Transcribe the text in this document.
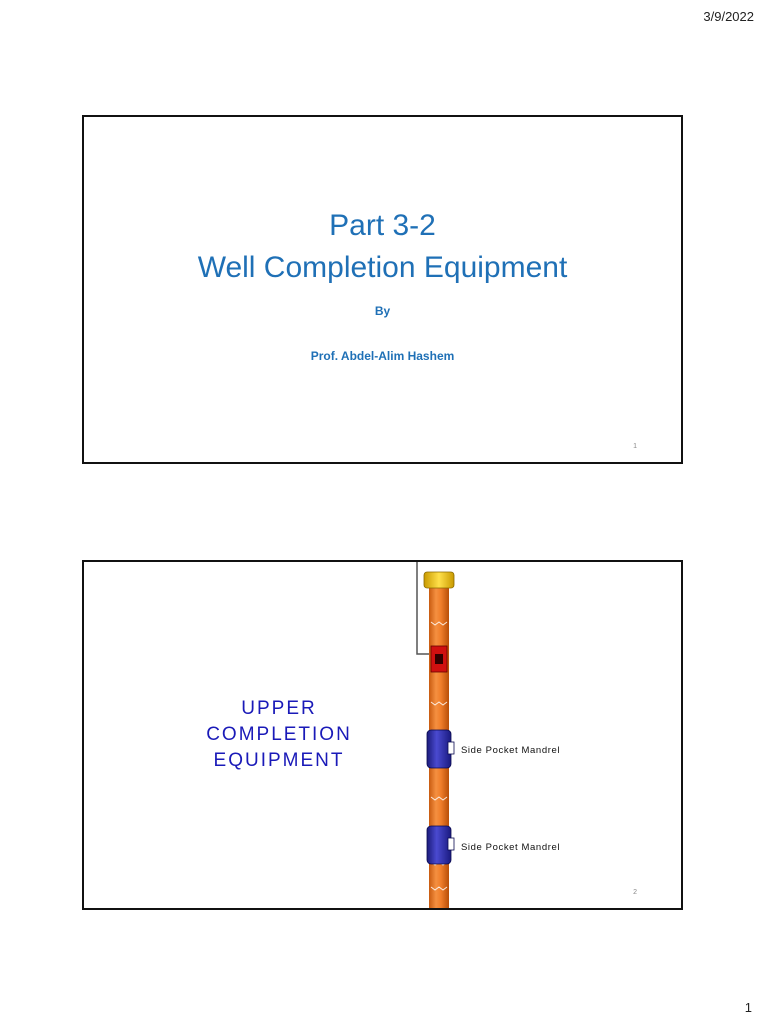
3/9/2022
Part 3-2
Well Completion Equipment
By
Prof. Abdel-Alim Hashem
1
UPPER
COMPLETION
EQUIPMENT	Side Pocket Mandrel
Side Pocket Mandrel
2
1
